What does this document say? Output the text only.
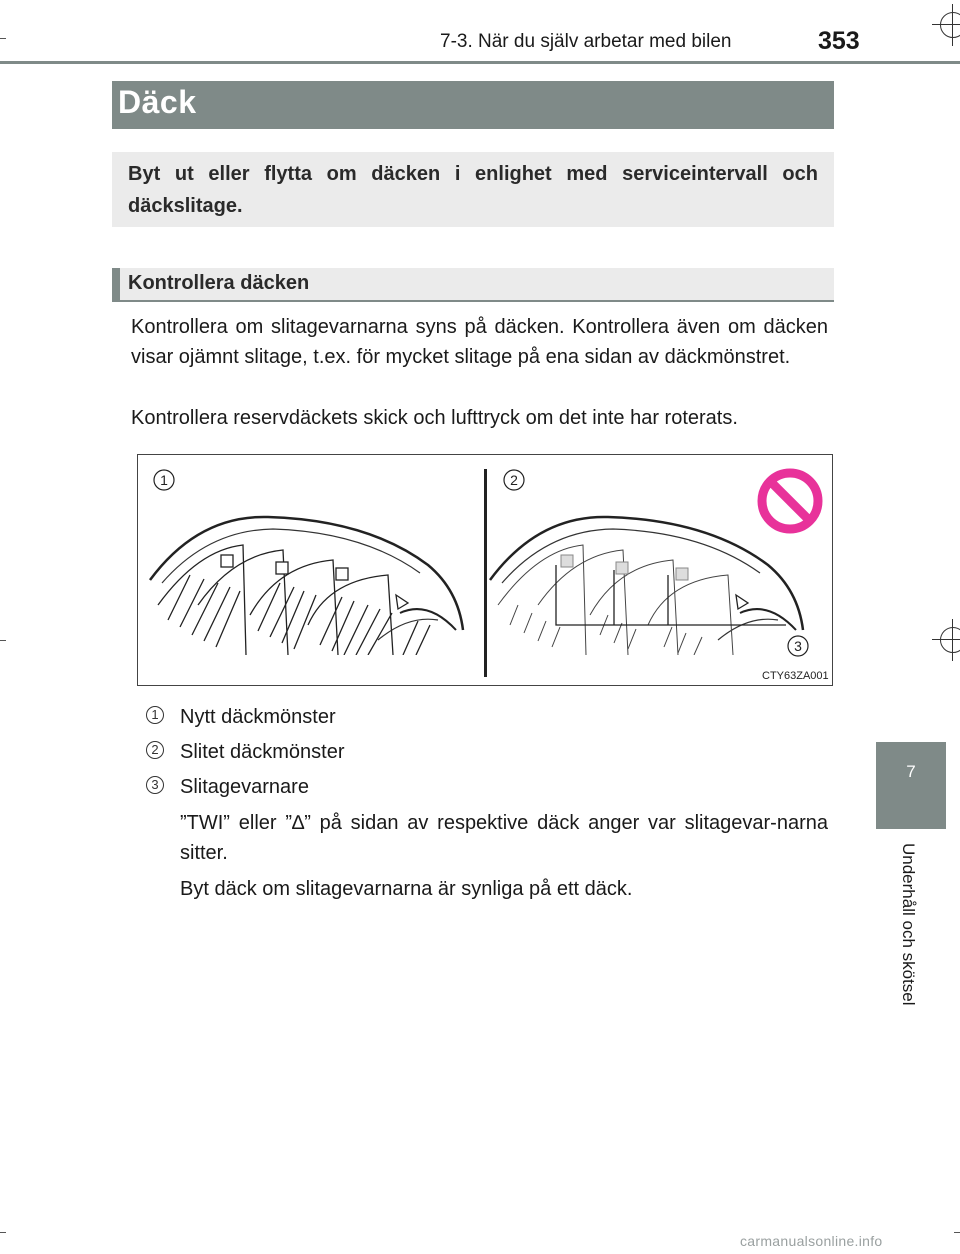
7-3. När du själv arbetar med bilen	353
7
Underhåll och skötsel
Däck
Byt ut eller flytta om däcken i enlighet med serviceintervall och däckslitage.
Kontrollera däcken
Kontrollera om slitagevarnarna syns på däcken. Kontrollera även om däcken visar ojämnt slitage, t.ex. för mycket slitage på ena sidan av däckmönstret.
Kontrollera reservdäckets skick och lufttryck om det inte har roterats.
1	2
3
CTY63ZA001
1 Nytt däckmönster
2 Slitet däckmönster
3 Slitagevarnare
”TWI” eller ”∆” på sidan av respektive däck anger var slitagevar-narna sitter.
Byt däck om slitagevarnarna är synliga på ett däck.
carmanualsonline.info
